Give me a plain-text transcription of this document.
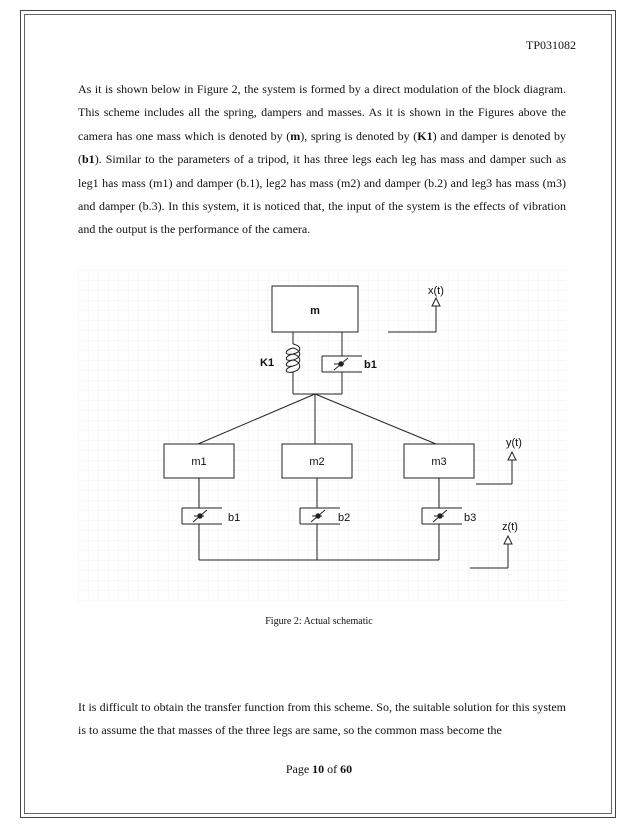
TP031082
As it is shown below in Figure 2, the system is formed by a direct modulation of the block diagram. This scheme includes all the spring, dampers and masses. As it is shown in the Figures above the camera has one mass which is denoted by (m), spring is denoted by (K1) and damper is denoted by (b1). Similar to the parameters of a tripod, it has three legs each leg has mass and damper such as leg1 has mass (m1) and damper (b.1), leg2 has mass (m2) and damper (b.2) and leg3 has mass (m3) and damper (b.3). In this system, it is noticed that, the input of the system is the effects of vibration and the output is the performance of the camera.
m
K1	b1
m1	m2	m3
b1	b2	b3
x(t)
y(t)
z(t)
Figure 2: Actual schematic
It is difficult to obtain the transfer function from this scheme. So, the suitable solution for this system is to assume the that masses of the three legs are same, so the common mass become the
Page 10 of 60
